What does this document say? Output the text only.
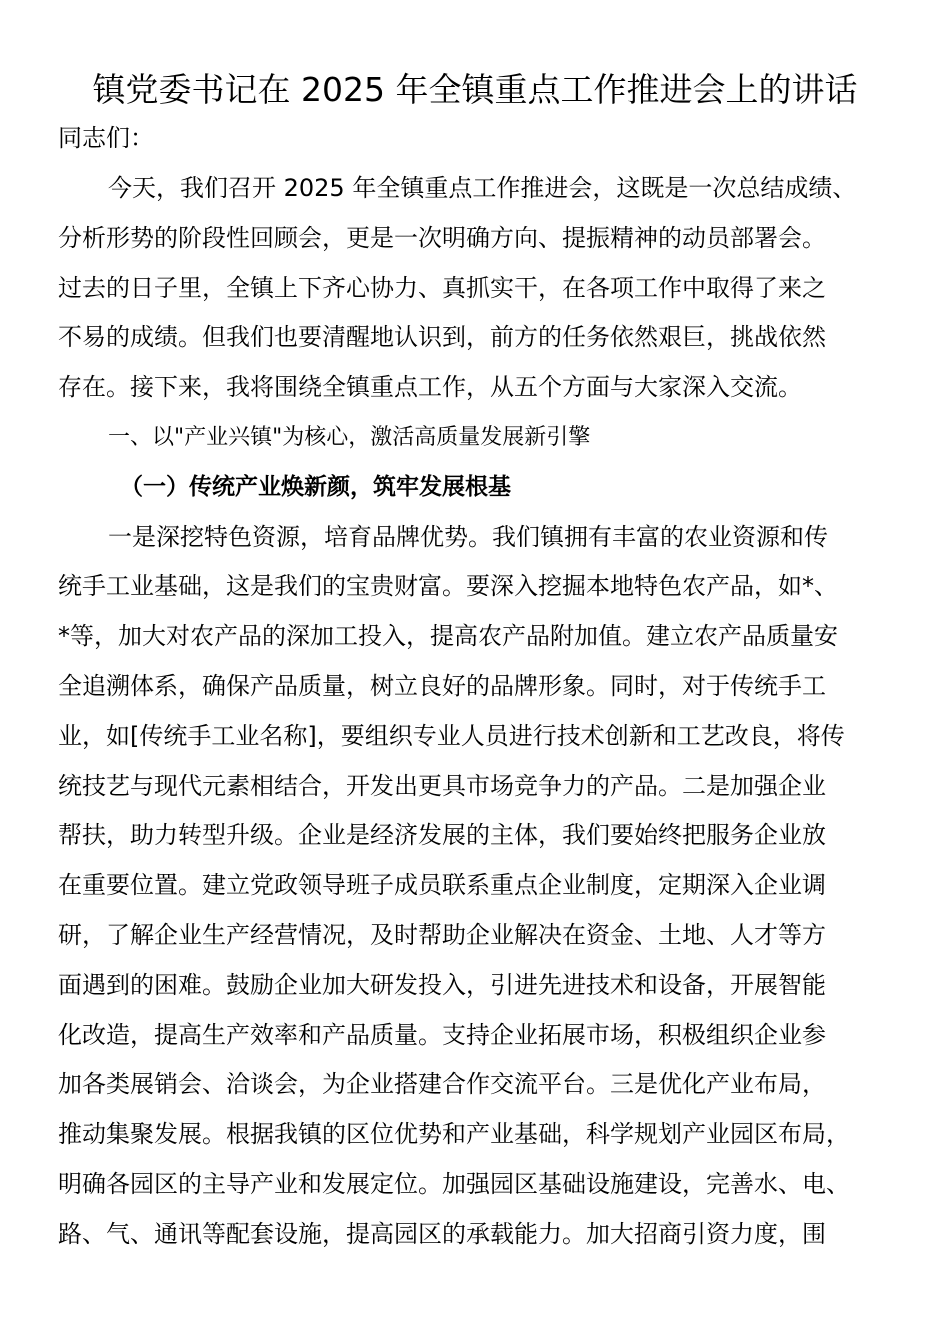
镇党委书记在 2025 年全镇重点工作推进会上的讲话
同志们：
今天，我们召开 2025 年全镇重点工作推进会，这既是一次总结成绩、
分析形势的阶段性回顾会，更是一次明确方向、提振精神的动员部署会。
过去的日子里，全镇上下齐心协力、真抓实干，在各项工作中取得了来之
不易的成绩。但我们也要清醒地认识到，前方的任务依然艰巨，挑战依然
存在。接下来，我将围绕全镇重点工作，从五个方面与大家深入交流。
一、以"产业兴镇"为核心，激活高质量发展新引擎
（一）传统产业焕新颜，筑牢发展根基
一是深挖特色资源，培育品牌优势。我们镇拥有丰富的农业资源和传
统手工业基础，这是我们的宝贵财富。要深入挖掘本地特色农产品，如*、
*等，加大对农产品的深加工投入，提高农产品附加值。建立农产品质量安
全追溯体系，确保产品质量，树立良好的品牌形象。同时，对于传统手工
业，如[传统手工业名称]，要组织专业人员进行技术创新和工艺改良，将传
统技艺与现代元素相结合，开发出更具市场竞争力的产品。二是加强企业
帮扶，助力转型升级。企业是经济发展的主体，我们要始终把服务企业放
在重要位置。建立党政领导班子成员联系重点企业制度，定期深入企业调
研，了解企业生产经营情况，及时帮助企业解决在资金、土地、人才等方
面遇到的困难。鼓励企业加大研发投入，引进先进技术和设备，开展智能
化改造，提高生产效率和产品质量。支持企业拓展市场，积极组织企业参
加各类展销会、洽谈会，为企业搭建合作交流平台。三是优化产业布局，
推动集聚发展。根据我镇的区位优势和产业基础，科学规划产业园区布局，
明确各园区的主导产业和发展定位。加强园区基础设施建设，完善水、电、
路、气、通讯等配套设施，提高园区的承载能力。加大招商引资力度，围
